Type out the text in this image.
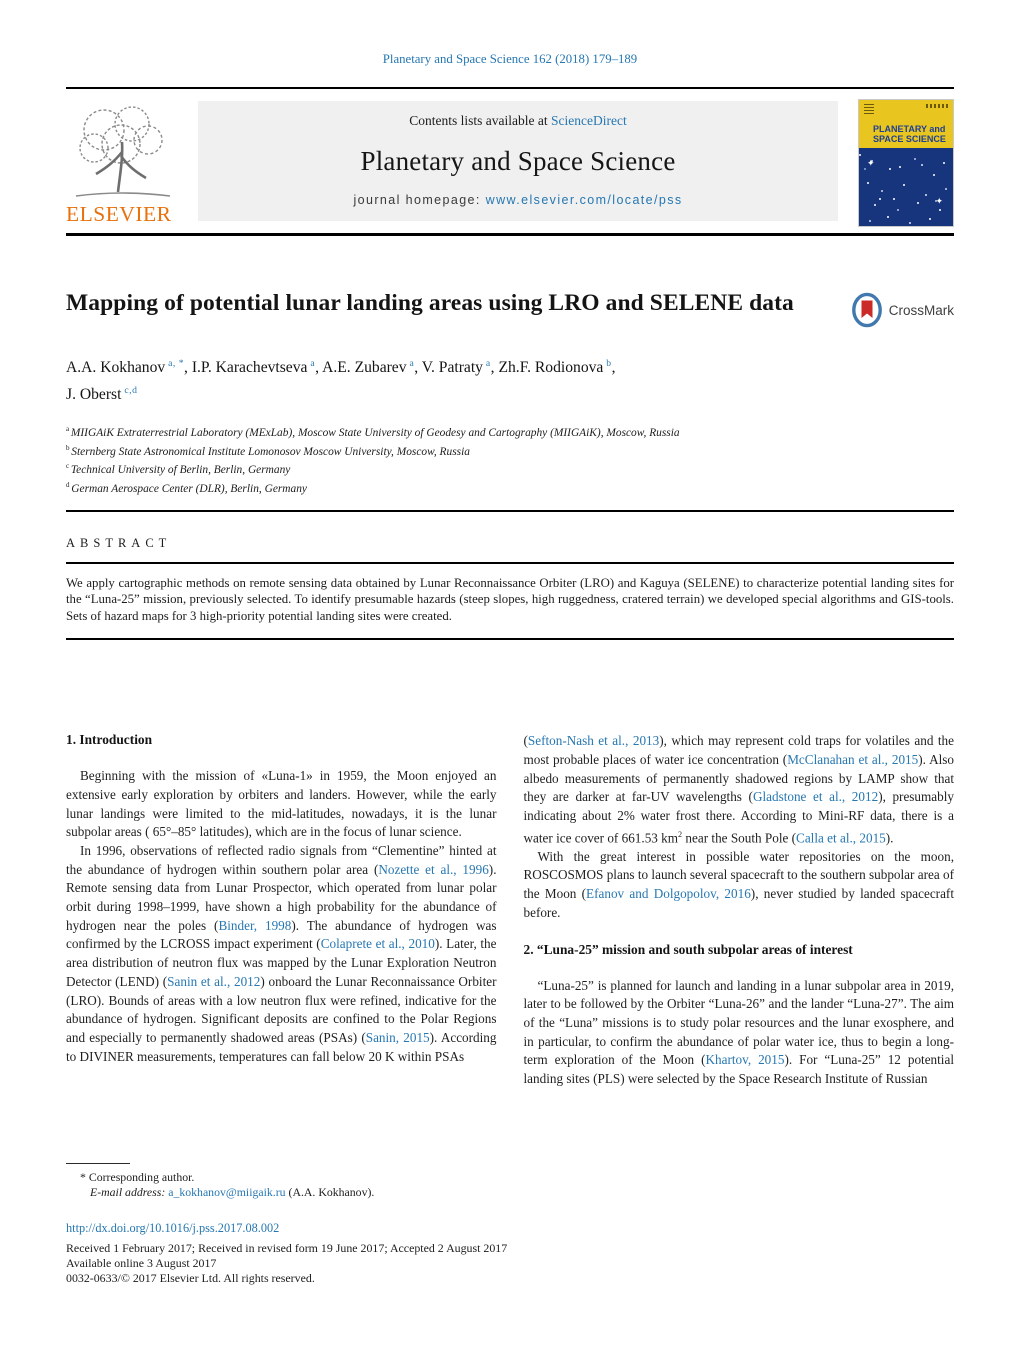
Planetary and Space Science 162 (2018) 179–189
ELSEVIER
Contents lists available at ScienceDirect
Planetary and Space Science
journal homepage: www.elsevier.com/locate/pss
PLANETARY and
SPACE SCIENCE
✦
✦
Mapping of potential lunar landing areas using LRO and SELENE data	CrossMark
A.A. Kokhanov $^{a, *}$, I.P. Karachevtseva $^a$, A.E. Zubarev $^a$, V. Patraty $^a$, Zh.F. Rodionova $^b$,
J. Oberst $^{c,d}$

$^a$ MIIGAiK Extraterrestrial Laboratory (MExLab), Moscow State University of Geodesy and Cartography (MIIGAiK), Moscow, Russia

$^b$ Sternberg State Astronomical Institute Lomonosov Moscow University, Moscow, Russia

$^c$ Technical University of Berlin, Berlin, Germany

$^d$ German Aerospace Center (DLR), Berlin, Germany

ABSTRACT

We apply cartographic methods on remote sensing data obtained by Lunar Reconnaissance Orbiter (LRO) and Kaguya (SELENE) to characterize potential landing sites for the “Luna-25” mission, previously selected. To identify presumable hazards (steep slopes, high ruggedness, cratered terrain) we developed special algorithms and GIS-tools. Sets of hazard maps for 3 high-priority potential landing sites were created.

1. Introduction

Beginning with the mission of «Luna-1» in 1959, the Moon enjoyed an extensive early exploration by orbiters and landers. However, while the early lunar landings were limited to the mid-latitudes, nowadays, it is the lunar subpolar areas ( 65°–85° latitudes), which are in the focus of lunar science.

In 1996, observations of reflected radio signals from “Clementine” hinted at the abundance of hydrogen within southern polar area (Nozette et al., 1996). Remote sensing data from Lunar Prospector, which operated from lunar polar orbit during 1998–1999, have shown a high probability for the abundance of hydrogen near the poles (Binder, 1998). The abundance of hydrogen was confirmed by the LCROSS impact experiment (Colaprete et al., 2010). Later, the area distribution of neutron flux was mapped by the Lunar Exploration Neutron Detector (LEND) (Sanin et al., 2012) onboard the Lunar Reconnaissance Orbiter (LRO). Bounds of areas with a low neutron flux were refined, indicative for the abundance of hydrogen. Significant deposits are confined to the Polar Regions and especially to permanently shadowed areas (PSAs) (Sanin, 2015). According to DIVINER measurements, temperatures can fall below 20 K within PSAs

(Sefton-Nash et al., 2013), which may represent cold traps for volatiles and the most probable places of water ice concentration (McClanahan et al., 2015). Also albedo measurements of permanently shadowed regions by LAMP show that they are darker at far-UV wavelengths (Gladstone et al., 2012), presumably indicating about 2% water frost there. According to Mini-RF data, there is a water ice cover of 661.53 $km^2$ near the South Pole (Calla et al., 2015).

With the great interest in possible water repositories on the moon, ROSCOSMOS plans to launch several spacecraft to the southern subpolar area of the Moon (Efanov and Dolgopolov, 2016), never studied by landed spacecraft before.

2. “Luna-25” mission and south subpolar areas of interest

“Luna-25” is planned for launch and landing in a lunar subpolar area in 2019, later to be followed by the Orbiter “Luna-26” and the lander “Luna-27”. The aim of the “Luna” missions is to study polar resources and the lunar exosphere, and in particular, to confirm the abundance of polar water ice, thus to begin a long-term exploration of the Moon (Khartov, 2015). For “Luna-25” 12 potential landing sites (PLS) were selected by the Space Research Institute of Russian

* Corresponding author.

E-mail address: a_kokhanov@miigaik.ru (A.A. Kokhanov).

http://dx.doi.org/10.1016/j.pss.2017.08.002

Received 1 February 2017; Received in revised form 19 June 2017; Accepted 2 August 2017

Available online 3 August 2017

0032-0633/© 2017 Elsevier Ltd. All rights reserved.
